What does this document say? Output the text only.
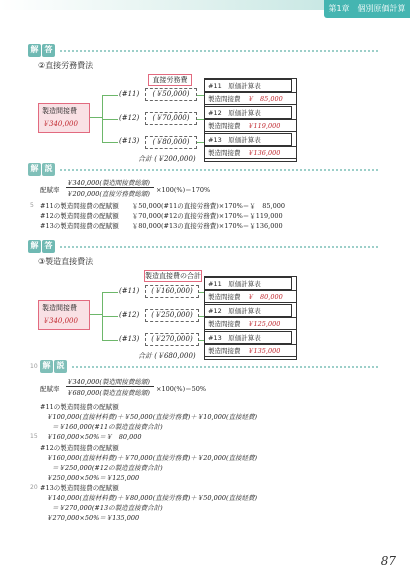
第1章　個別原価計算
解 答
②直接労務費法
製造間接費
￥340,000
(#11)
(#12)
(#13)
直接労務費
(￥50,000)
(￥70,000)
(￥80,000)
合計 (￥200,000)
#11　原価計算表
製造間接費　 ￥　85,000
#12　原価計算表
製造間接費　 ￥119,000
#13　原価計算表
製造間接費　 ￥136,000
解 説
配賦率
￥340,000(製造間接費総額)
￥200,000(直接労務費総額) ×100(%)＝170%
5 #11の製造間接費の配賦額　　￥50,000(#11の直接労務費)×170%＝￥　85,000
#12の製造間接費の配賦額　　￥70,000(#12の直接労務費)×170%＝￥119,000
#13の製造間接費の配賦額　　￥80,000(#13の直接労務費)×170%＝￥136,000
解 答
③製造直接費法
製造間接費
￥340,000
(#11)
(#12)
(#13)
製造直接費の合計
(￥160,000)
(￥250,000)
(￥270,000)
合計 (￥680,000)
#11　原価計算表
製造間接費　 ￥　80,000
#12　原価計算表
製造間接費　 ￥125,000
#13　原価計算表
製造間接費　 ￥135,000
10 解 説
配賦率
￥340,000(製造間接費総額)
￥680,000(製造直接費総額) ×100(%)＝50%
#11の製造間接費の配賦額
￥100,000(直接材料費)＋￥50,000(直接労務費)＋￥10,000(直接経費)
＝￥160,000(#11の製造直接費合計)
15 ￥160,000×50%＝￥　80,000
#12の製造間接費の配賦額
￥160,000(直接材料費)＋￥70,000(直接労務費)＋￥20,000(直接経費)
＝￥250,000(#12の製造直接費合計)
￥250,000×50%＝￥125,000
20 #13の製造間接費の配賦額
￥140,000(直接材料費)＋￥80,000(直接労務費)＋￥50,000(直接経費)
＝￥270,000(#13の製造直接費合計)
￥270,000×50%＝￥135,000
87
